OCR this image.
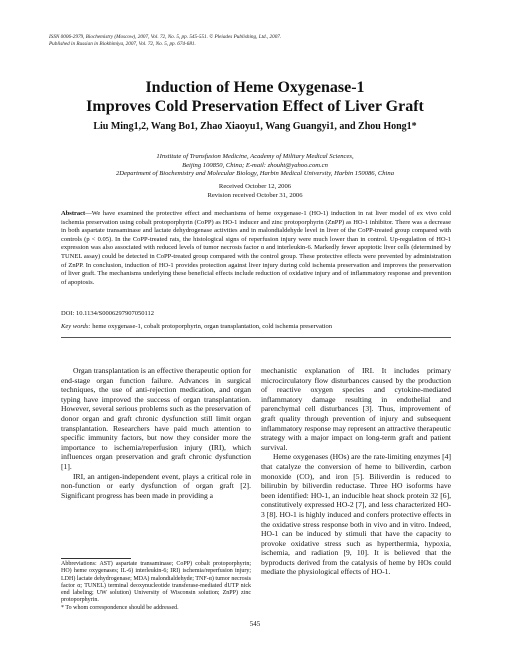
ISSN 0006-2979, Biochemistry (Moscow), 2007, Vol. 72, No. 5, pp. 545-551. © Pleiades Publishing, Ltd., 2007.
Published in Russian in Biokhimiya, 2007, Vol. 72, No. 5, pp. 674-681.
Induction of Heme Oxygenase-1
Improves Cold Preservation Effect of Liver Graft
Liu Ming1,2, Wang Bo1, Zhao Xiaoyu1, Wang Guangyi1, and Zhou Hong1*
1Institute of Transfusion Medicine, Academy of Military Medical Sciences,
Beijing 100850, China; E-mail: zhouht@yahoo.com.cn
2Department of Biochemistry and Molecular Biology, Harbin Medical University, Harbin 150086, China
Received October 12, 2006
Revision received October 31, 2006
Abstract—We have examined the protective effect and mechanisms of heme oxygenase-1 (HO-1) induction in rat liver model of ex vivo cold ischemia preservation using cobalt protoporphyrin (CoPP) as HO-1 inducer and zinc protoporphyrin (ZnPP) as HO-1 inhibitor. There was a decrease in both aspartate transaminase and lactate dehydrogenase activities and in malondialdehyde level in liver of the CoPP-treated group compared with controls (p < 0.05). In the CoPP-treated rats, the histological signs of reperfusion injury were much lower than in control. Up-regulation of HO-1 expression was also associated with reduced levels of tumor necrosis factor α and interleukin-6. Markedly fewer apoptotic liver cells (determined by TUNEL assay) could be detected in CoPP-treated group compared with the control group. These protective effects were prevented by administration of ZnPP. In conclusion, induction of HO-1 provides protection against liver injury during cold ischemia preservation and improves the preservation of liver graft. The mechanisms underlying these beneficial effects include reduction of oxidative injury and of inflammatory response and prevention of apoptosis.
DOI: 10.1134/S0006297907050112
Key words: heme oxygenase-1, cobalt protoporphyrin, organ transplantation, cold ischemia preservation

Organ transplantation is an effective therapeutic option for end-stage organ function failure. Advances in surgical techniques, the use of anti-rejection medication, and organ typing have improved the success of organ transplantation. However, several serious problems such as the preservation of donor organ and graft chronic dysfunction still limit organ transplantation. Researchers have paid much attention to specific immunity factors, but now they consider more the importance to ischemia/reperfusion injury (IRI), which influences organ preservation and graft chronic dysfunction [1].

IRI, an antigen-independent event, plays a critical role in non-function or early dysfunction of organ graft [2]. Significant progress has been made in providing a

mechanistic explanation of IRI. It includes primary microcirculatory flow disturbances caused by the production of reactive oxygen species and cytokine-mediated inflammatory damage resulting in endothelial and parenchymal cell disturbances [3]. Thus, improvement of graft quality through prevention of injury and subsequent inflammatory response may represent an attractive therapeutic strategy with a major impact on long-term graft and patient survival.

Heme oxygenases (HOs) are the rate-limiting enzymes [4] that catalyze the conversion of heme to biliverdin, carbon monoxide (CO), and iron [5]. Biliverdin is reduced to bilirubin by biliverdin reductase. Three HO isoforms have been identified: HO-1, an inducible heat shock protein 32 [6], constitutively expressed HO-2 [7], and less characterized HO-3 [8]. HO-1 is highly induced and confers protective effects in the oxidative stress response both in vivo and in vitro. Indeed, HO-1 can be induced by stimuli that have the capacity to provoke oxidative stress such as hyperthermia, hypoxia, ischemia, and radiation [9, 10]. It is believed that the byproducts derived from the catalysis of heme by HOs could mediate the physiological effects of HO-1.

Abbreviations: AST) aspartate transaminase; CoPP) cobalt protoporphyrin; HO) heme oxygenases; IL-6) interleukin-6; IRI) ischemia/reperfusion injury; LDH) lactate dehydrogenase; MDA) malondialdehyde; TNF-α) tumor necrosis factor α; TUNEL) terminal deoxynucleotide transferase-mediated dUTP nick end labeling; UW solution) University of Wisconsin solution; ZnPP) zinc protoporphyrin.

* To whom correspondence should be addressed.

545
